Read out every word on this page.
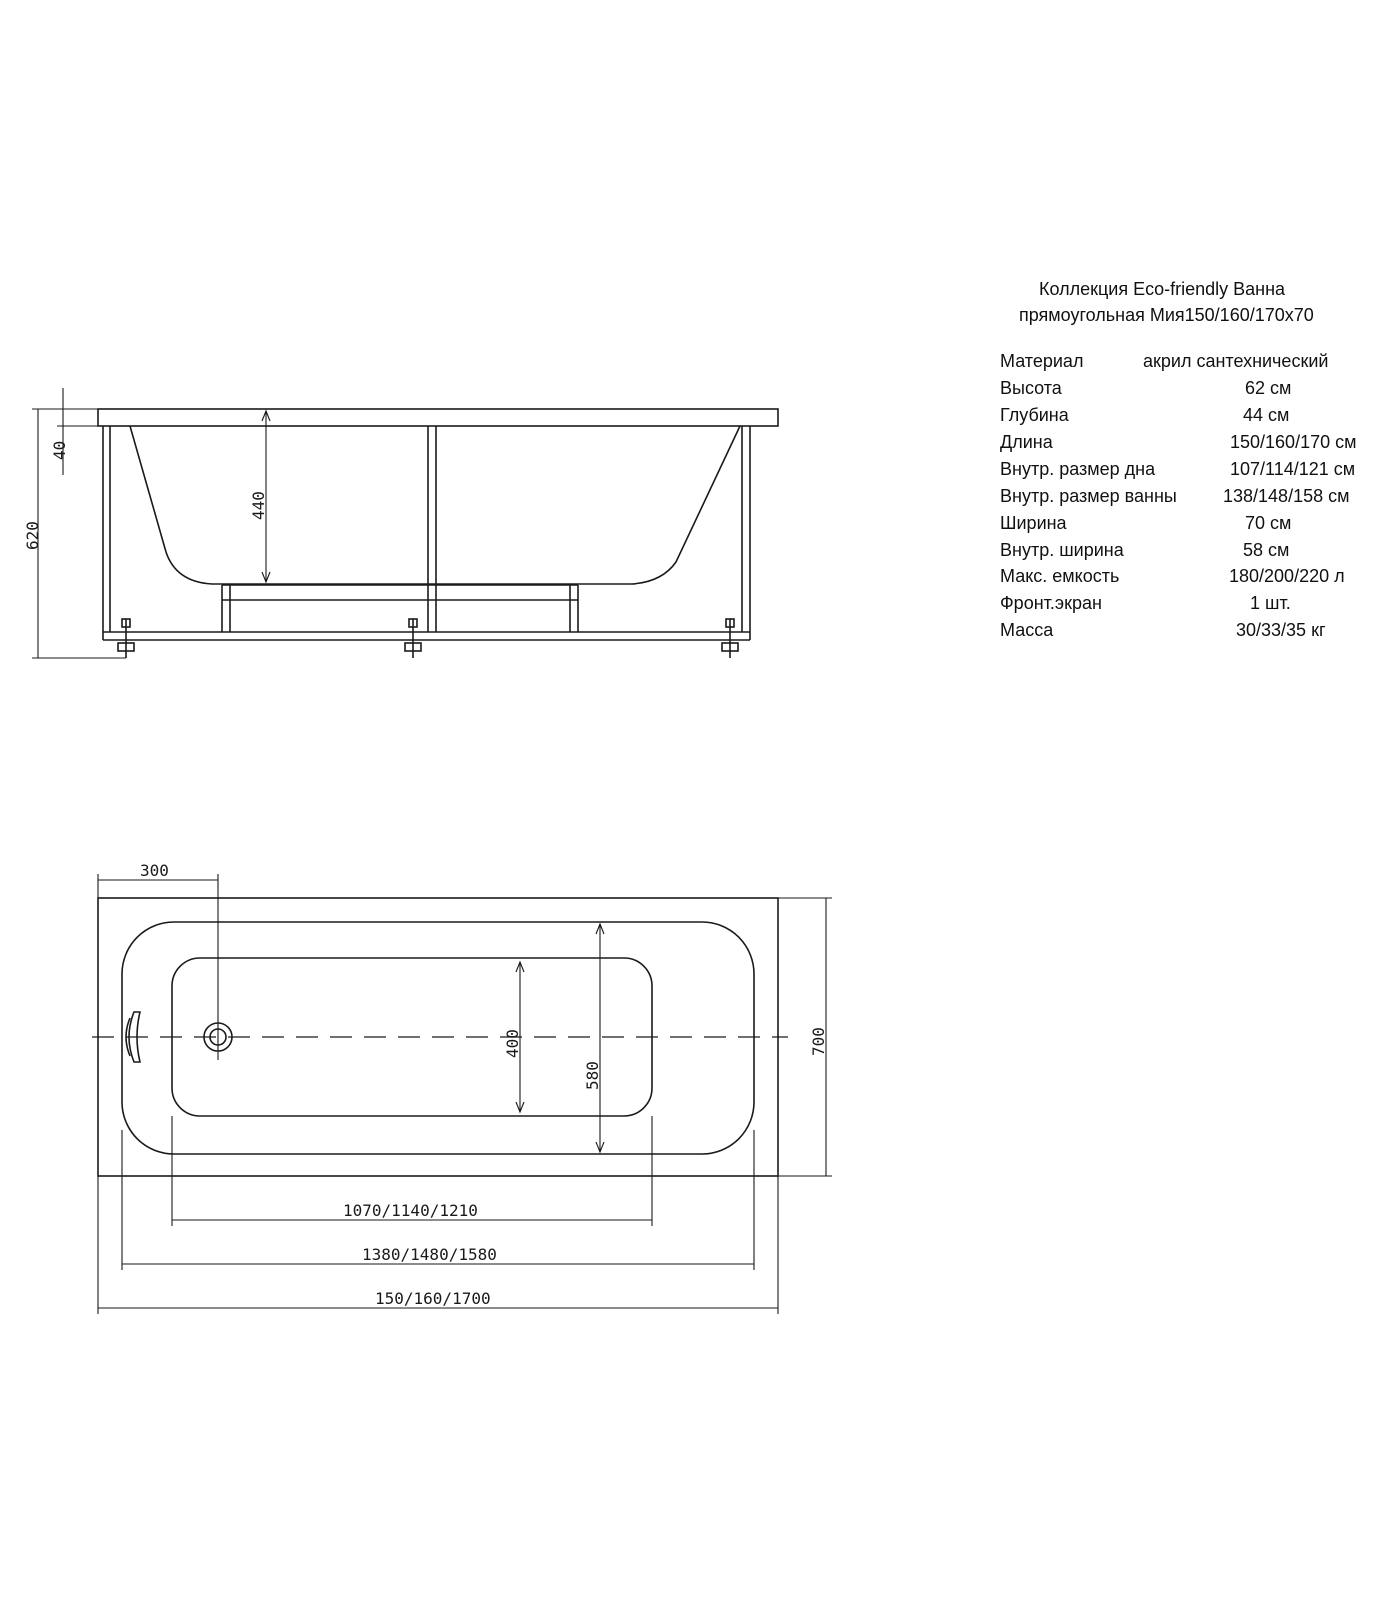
40
620
440
300
400
580
700
1070/1140/1210
1380/1480/1580
150/160/1700
Коллекция Eco-friendly Ванна
прямоугольная Мия150/160/170х70
Материал	акрил сантехнический
Высота	62 см
Глубина	44 см
Длина	150/160/170 см
Внутр. размер дна	107/114/121 см
Внутр. размер ванны	138/148/158 см
Ширина	70 см
Внутр. ширина	58 см
Макс. емкость	180/200/220 л
Фронт.экран	1 шт.
Масса	30/33/35 кг
